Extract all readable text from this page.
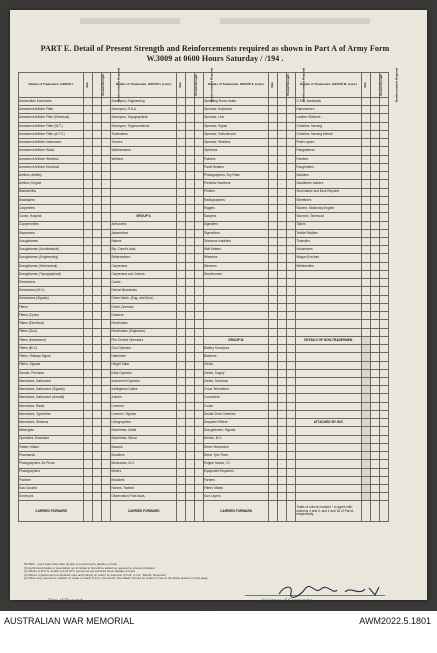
PART E. Detail of Present Strength and Reinforcements required as shown in Part A of Army Form W.3009 at 0600 Hours Saturday / /194 .
Details of Tradesmen. GROUP I.	W.E.	Posted Strength	Reinforcements Required	Details of Tradesmen. GROUP I. (cont.)	W.E.	Posted Strength	Reinforcements Required	Details of Tradesmen. GROUP II. (cont.)	W.E.	Posted Strength	Reinforcements Required	Details of Tradesmen. GROUP III. (cont.)	W.E.	Posted Strength	Reinforcements Required
Ammunition Examiners				Surveyors, Engineering				Operating Room Assts.				G.P.O. Assistants			
Armament Artificer Fitter				Surveyors, R.A.A.				Operator, Keyboard				Harnessmen			
Armament Artificer Fitter (Electrical)				Surveyors, Topographical				Operator, Line				Leather Stitchers			
Armament Artificer Fitter (W.T.)				Surveyors, Trigonometrical				Operator, Signal				Orderlies, Nursing			
Armament Artificer Fitter (A.F.V.)				Toolmakers				Operator, Switchboard				Orderlies, Nursing Mental			
Armament Artificer Instrument				Turners				Operator, Wireless				Plate Layers			
Armament Artificer Radio				Watchmakers				Opticians				Rangetakers			
Armament Artificer Wireless				Welders				Painters				Riveters			
Armament Artificer Electrical								Panel Beaters				Roughriders			
Artificer, Artillery								Photographers, Dry Plate				Saddlers			
Artificer, Engine								Predictor Numbers				Saddletree makers			
Blacksmiths								Printers				Shoemaker and Boot Repairer			
Bricklayers								Radiographers				Steelfixers			
Carpenters								Riggers				Stokers, Stationary Engine			
Cooks, Hospital				GROUP II.				Sawyers				Stormen, Technical			
Coppersmiths				Armourers				Signallers				Tailors			
Dispensers				Assemblers				Signwriters				Textile Riddlers			
Draughtsmen				Bakers				Telecoms Installers				Tinsmiths			
Draughtsmen (Architectural)				Bty. Comd's Asst.				Wall Setters				Vulcanizers			
Draughtsmen (Engineering)				Boilermakers				Wheelers				Wagon Erectors			
Draughtsmen (Mechanical)				Carpenters				Wiremen				Whitesmiths			
Draughtsmen (Topographical)				Carpenters and Joiners				Woodturners							
Electricians				Cooks											
Electricians (M.V.)				Dental Mechanics											
Electricians (Signals)				Driver-Mech. (Eng. and Mod.)											
Fitters				Driver-Operator											
Fitters (Cycle)				Drainers											
Fitters (Electrical)				Electricians											
Fitters (Gun)				Electricians (Engineers)											
Fitters (Instrument)				Fire Control Operators				GROUP III.				DETAILS OF NON-TRADESMEN.			
Fitters (M.V.)				Gun Operator				Battery Surveyors							
Fitters, Railway Signal				Hatchmen				Batchers							
Fitters, Signals				Height Taker				Clerks							
Grinder, Precision				Kelly Operator				Clerks, Supply							
Mechanics, Instrument				Instrument Operator				Clerks, Technical							
Mechanics, Instrument (Signals)				Intelligence Duties				Cross Telemeters							
Mechanics, Instrument (Aircraft)				Joiners				Concreters							
Mechanics, Radio				Linemen				Cooks							
Mechanics, Typewriter				Linemen, Signals				Dental Clerk Orderlies							
Mechanics, Wireless				Lithographers				Despatch Riders				ATTACHED BY W.E.			
Millwrights				Machinists, Metal				Draughtsmen, Signals							
Operators, Excavator				Machinists, Wood				Drivers, M.V.							
Pattern Maker				Masons				Driver Mechanics							
Pharmacist				Moulders				Driver Tptr. Plant							
Photographers, Air Photo				Mechanics, M.V.				Engine Hands, I.C.							
Photographers				Miners				Equipment Repairers							
Plumber				Moulders				Farriers							
Saw Doctors				Nurses, Trained				Fitters' Mates							
Surveyors				Observation Post Assts.				Gun Layers							
CARRIED FORWARD				CARRIED FORWARD				CARRIED FORWARD				Totals of column marked * to agree with columns 4 and 5, and 1 and 16 of Part A, respectively.			
NOTES:—(a) If task other than private is involved give details on back.
(b) Authorized trades or specialists not included in list will be added as required to ensure provided.
(c) Where A.W.A.S. and/or A.A.M.W.S. personnel are involved show details on back.
(d) Where replacement not desired note accordingly on return by insertion of N.R. in col. "Reinfs. Required".
(e) When any request or notation is made on back of form, the words "See Back" should be written in one of the blank spaces on this page.
Date of Despatch	Signature of Commander
AUSTRALIAN WAR MEMORIAL	AWM2022.5.1801
